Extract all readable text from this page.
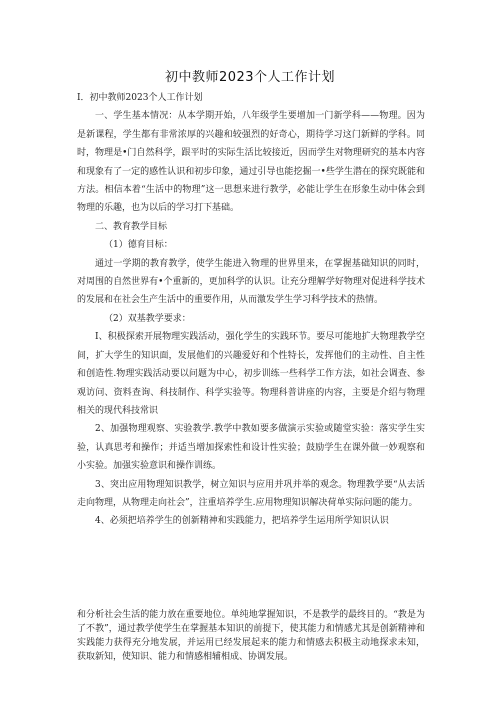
初中教师2023个人工作计划

I．初中教师2023个人工作计划

一、学生基本情况：从本学期开始，八年级学生要增加一门新学科——物理。因为是新课程，学生都有非常浓厚的兴趣和较强烈的好奇心，期待学习这门新鲜的学科。同时，物理是•门自然科学，跟平时的实际生活比较接近，因而学生对物理研究的基本内容和现象有了一定的感性认识和初步印象，通过引导也能挖掘一•些学生潜在的探究既能和方法。相信本着“生活中的物理”这一思想来进行教学，必能让学生在形象生动中体会到物理的乐趣，也为以后的学习打下基础。

二、教育教学目标

（1）德育目标：

通过一学期的教育教学，使学生能进入物理的世界里来，在掌握基础知识的同时，对周围的自然世界有•个重新的，更加科学的认识。让充分理解学好物理对促进科学技术的发展和在社会生产生活中的重要作用，从而激发学生学习科学技术的热情。

（2）双基教学要求：

I、积极探索开展物理实践活动，强化学生的实践环节。要尽可能地扩大物理教学空间，扩大学生的知识面，发展他们的兴趣爱好和个性特长，发挥他们的主动性、自主性和创造性.物理实践活动要以问题为中心，初步训练一些科学工作方法，如社会调查、参观访问、资料查询、科技制作、科学实验等。物理科普讲座的内容，主要是介绍与物理相关的现代科技常识

2、加强物理观察、实验教学.教学中教如要多做演示实验或随堂实验：落实学生实验，认真思考和操作；并适当增加探索性和设计性实验；鼓励学生在课外做一妙观察和小实验。加强实验意识和操作训练。

3、突出应用物理知识教学，树立知识与应用并巩并举的观念。物理教学要“从去活走向物理，从物理走向社会”，注重培养学生.应用物理知识解决荷单实际问题的能力。

4、必须把培养学生的创新精神和实践能力，把培养学生运用所学知识认识

和分析社会生活的能力放在重要地位。单纯地掌握知识，不是教学的最终目的。“教是为了不教”，通过教学使学生在掌握基本知识的前提下，使其能力和情感尤其是创新精神和实践能力获得充分地发展，并运用已经发展起来的能力和情感去积极主动地探求未知，获取新知，使知识、能力和情感相辅相成、协调发展。
